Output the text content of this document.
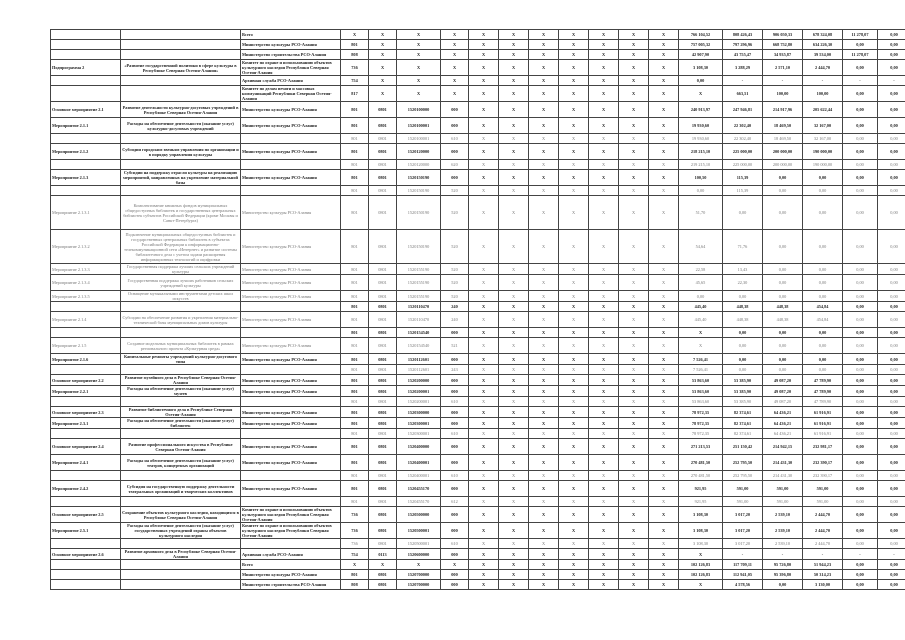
		Всего	X	X	X	X	X	X	X	X	X	X	X	766 104,52	808 426,43	906 050,33	678 324,08	11 278,07	0,00
		Министерство культуры РСО-Алания	801	X	X	X	X	X	X	X	X	X	X	757 005,32	797 296,96	668 752,80	634 226,30	0,00	0,00
		Министерство строительства РСО-Алания	808	X	X	X	X	X	X	X	X	X	X	42 907,90	43 755,47	34 935,87	39 534,00	11 278,07	0,00
Подпрограмма 2	«Развитие государственной политики в сфере культуры в Республике Северная Осетия-Алания»	Комитет по охране и использованию объектов культурного наследия Республики Северная Осетия-Алания	736	X	X	X	X	X	X	X	X	X	X	3 108,30	3 288,29	2 571,10	2 444,70	0,00	0,00
		Архивная служба РСО-Алания	754	X	X	X	X	X	X	X	X	X	X	0,00	-	-	-	-	-
		Комитет по делам печати и массовых коммуникаций Республики Северная Осетия-Алания	817	X	X	X	X	X	X	X	X	X	X	X	663,51	100,00	100,00	0,00	0,00
Основное мероприятие 2.1	Развитие деятельности культурно-досуговых учреждений в Республике Северная Осетия-Алания	Министерство культуры РСО-Алания	801	0801	1520100000	000	X	X	X	X	X	X	X	240 913,97	247 946,81	214 917,96	205 622,44	0,00	0,00
Мероприятие 2.1.1	Расходы на обеспечение деятельности (оказание услуг) культурно-досуговых учреждений	Министерство культуры РСО-Алания	801	0801	1520100001	000	X	X	X	X	X	X	X	19 930,60	22 302,40	18 469,50	32 167,00	0,00	0,00
			801	0801	1520100001	610	X	X	X	X	X	X	X	19 930,60	22 302,40	18 469,50	32 167,00	0,00	0,00
Мероприятие 2.1.2	Субсидии городским звеньям управления по организации и в порядку управления культуры	Министерство культуры РСО-Алания	801	0801	1520120000	000	X	X	X	X	X	X	X	218 215,10	225 000,00	200 000,00	190 000,00	0,00	0,00
			801	0801	1520120000	620	X	X	X	X	X	X	X	219 215,10	225 000,00	200 000,00	190 000,00	0,00	0,00
Мероприятие 2.1.3	Субсидии на поддержку отрасли культуры на реализацию мероприятий, направленных на укрепление материальной базы	Министерство культуры РСО-Алания	801	0801	1520150190	000	X	X	X	X	X	X	X	100,50	115,39	0,00	0,00	0,00	0,00
			801	0801	1520150190	520	X	X	X	X	X	X	X	0,00	115,39	0,00	0,00	0,00	0,00
Мероприятие 2.1.3.1	Комплектование книжных фондов муниципальных общедоступных библиотек и государственных центральных библиотек субъектов Российской Федерации (кроме Москвы и Санкт-Петербурга)	Министерство культуры РСО-Алания	801	0801	1520150190	520	X	X	X	X	X	X	X	51,70	0,00	0,00	0,00	0,00	0,00
Мероприятие 2.1.3.2	Подключение муниципальных общедоступных библиотек и государственных центральных библиотек в субъектах Российской Федерации к информационно-телекоммуникационной сети «Интернет» и развитие системы библиотечного дела с учетом задачи расширения информационных технологий и оцифровки	Министерство культуры РСО-Алания	801	0801	1520150190	520	X	X	X	X	X	X	X	54,64	71,76	0,00	0,00	0,00	0,00
Мероприятие 2.1.3.3	Государственная поддержка лучших сельских учреждений культуры	Министерство культуры РСО-Алания	801	0801	1520155190	520	X	X	X	X	X	X	X	22,58	13,43	0,00	0,00	0,00	0,00
Мероприятие 2.1.3.4	Государственная поддержка лучших работников сельских учреждений культуры	Министерство культуры РСО-Алания	801	0801	1520155190	520	X	X	X	X	X	X	X	45,65	22,30	0,00	0,00	0,00	0,00
Мероприятие 2.1.3.5	Оснащение музыкальными инструментами детских школ искусств	Министерство культуры РСО-Алания	801	0801	1520155190	520	X	X	X	X	X	X	X	0,00	0,00	0,00	0,00	0,00	0,00
			801	0801	1520110470	240	X	X	X	X	X	X	X	445,40	448,38	448,38	454,84	0,00	0,00
Мероприятие 2.1.4	Субсидии на обеспечение развития и укрепления материально-технической базы муниципальных домов культуры	Министерство культуры РСО-Алания	801	0801	1520110470	240	X	X	X	X	X	X	X	445,40	448,38	448,38	454,84	0,00	0,00
			801	0801	1520154540	000	X	X	X	X	X	X	X	X	0,00	0,00	0,00	0,00	0,00
Мероприятие 2.1.5	Создание модельных муниципальных библиотек в рамках регионального проекта «Культурная среда»	Министерство культуры РСО-Алания	801	0801	1520154540	521	X	X	X	X	X	X	X	X	0,00	0,00	0,00	0,00	0,00
Мероприятие 2.1.6	Капитальные ремонты учреждений культурно-досугового типа	Министерство культуры РСО-Алания	801	0801	1520112601	000	X	X	X	X	X	X	X	7 526,41	0,00	0,00	0,00	0,00	0,00
			801	0801	1520112601	243	X	X	X	X	X	X	X	7 526,41	0,00	0,00	0,00	0,00	0,00
Основное мероприятие 2.2	Развитие музейного дела в Республике Северная Осетия-Алания	Министерство культуры РСО-Алания	801	0801	1520200000	000	X	X	X	X	X	X	X	53 863,60	53 385,90	49 087,20	47 789,90	0,00	0,00
Мероприятие 2.2.1	Расходы на обеспечение деятельности (оказание услуг) музеев	Министерство культуры РСО-Алания	801	0801	1520200001	000	X	X	X	X	X	X	X	53 863,60	53 385,90	49 087,20	47 789,90	0,00	0,00
			801	0801	1520200001	610	X	X	X	X	X	X	X	53 863,60	53 385,90	49 087,20	47 789,90	0,00	0,00
Основное мероприятие 2.3	Развитие библиотечного дела в Республике Северная Осетия-Алания	Министерство культуры РСО-Алания	801	0801	1520300000	000	X	X	X	X	X	X	X	78 972,35	82 374,61	64 436,21	61 916,91	0,00	0,00
Мероприятие 2.3.1	Расходы на обеспечение деятельности (оказание услуг) библиотек	Министерство культуры РСО-Алания	801	0801	1520300001	000	X	X	X	X	X	X	X	78 972,35	82 374,61	64 436,21	61 916,91	0,00	0,00
			801	0801	1520300001	610	X	X	X	X	X	X	X	78 972,35	82 374,61	64 436,21	61 916,91	0,00	0,00
Основное мероприятие 2.4	Развитие профессионального искусства в Республике Северная Осетия-Алания	Министерство культуры РСО-Алания	801	0801	1520400000	000	X	X	X	X	X	X	X	271 213,53	251 150,42	214 942,15	232 981,17	0,00	0,00
Мероприятие 2.4.1	Расходы на обеспечение деятельности (оказание услуг) театров, концертных организаций	Министерство культуры РСО-Алания	801	0801	1520400001	000	X	X	X	X	X	X	X	270 481,50	252 795,50	214 431,30	232 390,17	0,00	0,00
			801	0801	1520400001	610	X	X	X	X	X	X	X	270 481,50	252 795,50	214 431,30	232 390,17	0,00	0,00
Мероприятие 2.4.2	Субсидия на государственную поддержку деятельности театральных организаций и творческих коллективов	Министерство культуры РСО-Алания	801	0801	1520455170	000	X	X	X	X	X	X	X	921,95	591,00	591,00	591,00	0,00	0,00
			801	0801	1520455170	612	X	X	X	X	X	X	X	921,95	591,00	591,00	591,00	0,00	0,00
Основное мероприятие 2.5	Сохранение объектов культурного наследия, находящихся в Республике Северная Осетия-Алания	Комитет по охране и использованию объектов культурного наследия Республики Северная Осетия-Алания	736	0801	1520500000	000	X	X	X	X	X	X	X	3 108,30	3 017,20	2 539,10	2 444,70	0,00	0,00
Мероприятие 2.5.1	Расходы на обеспечение деятельности (оказание услуг) государственных учреждений охраны объектов культурного наследия	Комитет по охране и использованию объектов культурного наследия Республики Северная Осетия-Алания	736	0801	1520500001	000	X	X	X	X	X	X	X	3 108,30	3 017,20	2 539,10	2 444,70	0,00	0,00
			736	0801	1520500001	610	X	X	X	X	X	X	X	3 108,30	3 017,20	2 539,10	2 444,70	0,00	0,00
Основное мероприятие 2.6	Развитие архивного дела в Республике Северная Осетия-Алания	Архивная служба РСО-Алания	754	0113	1520600000	000	X	X	X	X	X	X	X	X	-	-	-	-	-
		Всего	X	X	X	X	X	X	X	X	X	X	X	102 126,83	117 709,11	95 726,80	51 944,23	0,00	0,00
		Министерство культуры РСО-Алания	801	0801	1520700000	000	X	X	X	X	X	X	X	102 126,83	112 941,05	95 396,80	50 314,23	0,00	0,00
		Министерство строительства РСО-Алания	808	0801	1520700000	000	X	X	X	X	X	X	X	X	4 578,56	0,00	3 130,00	0,00	0,00
